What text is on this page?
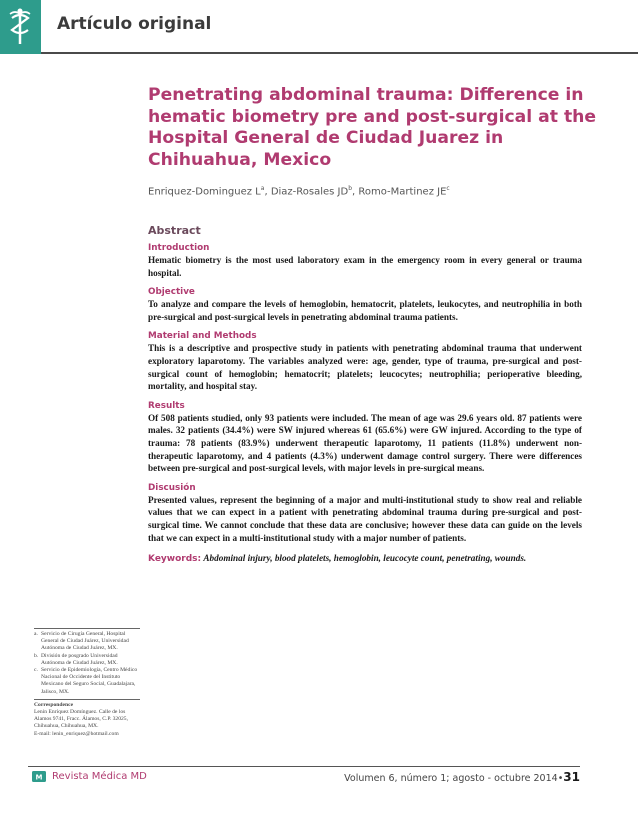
Artículo original
Penetrating abdominal trauma: Difference in hematic biometry pre and post-surgical at the Hospital General de Ciudad Juarez in Chihuahua, Mexico
Enriquez-Dominguez $L^a$, Diaz-Rosales $JD^b$, Romo-Martinez $JE^c$
Abstract
Introduction

Hematic biometry is the most used laboratory exam in the emergency room in every general or trauma hospital.

Objective

To analyze and compare the levels of hemoglobin, hematocrit, platelets, leukocytes, and neutrophilia in both pre-surgical and post-surgical levels in penetrating abdominal trauma patients.

Material and Methods

This is a descriptive and prospective study in patients with penetrating abdominal trauma that underwent exploratory laparotomy. The variables analyzed were: age, gender, type of trauma, pre-surgical and post-surgical count of hemoglobin; hematocrit; platelets; leucocytes; neutrophilia; perioperative bleeding, mortality, and hospital stay.

Results

Of 508 patients studied, only 93 patients were included. The mean of age was 29.6 years old. 87 patients were males. 32 patients (34.4%) were SW injured whereas 61 (65.6%) were GW injured. According to the type of trauma: 78 patients (83.9%) underwent therapeutic laparotomy, 11 patients (11.8%) underwent non-therapeutic laparotomy, and 4 patients (4.3%) underwent damage control surgery. There were differences between pre-surgical and post-surgical levels, with major levels in pre-surgical means.

Discusión

Presented values, represent the beginning of a major and multi-institutional study to show real and reliable values that we can expect in a patient with penetrating abdominal trauma during pre-surgical and post-surgical time. We cannot conclude that these data are conclusive; however these data can guide on the levels that we can expect in a multi-institutional study with a major number of patients.

Keywords: Abdominal injury, blood platelets, hemoglobin, leucocyte count, penetrating, wounds.
a. Servicio de Cirugía General, Hospital General de Ciudad Juárez, Universidad Autónoma de Ciudad Juárez, MX.
b. División de posgrado Universidad Autónoma de Ciudad Juárez, MX.
c. Servicio de Epidemiología, Centro Médico Nacional de Occidente del Instituto Mexicano del Seguro Social, Guadalajara, Jalisco, MX.
Correspondence
Lenin Enríquez Domínguez. Calle de los Alamos 9741, Fracc. Álamos, C.P. 32025, Chihuahua, Chihuahua, MX.
E-mail: lenin_enriquez@hotmail.com
M Revista Médica MD	Volumen 6, número 1; agosto - octubre 2014•31
